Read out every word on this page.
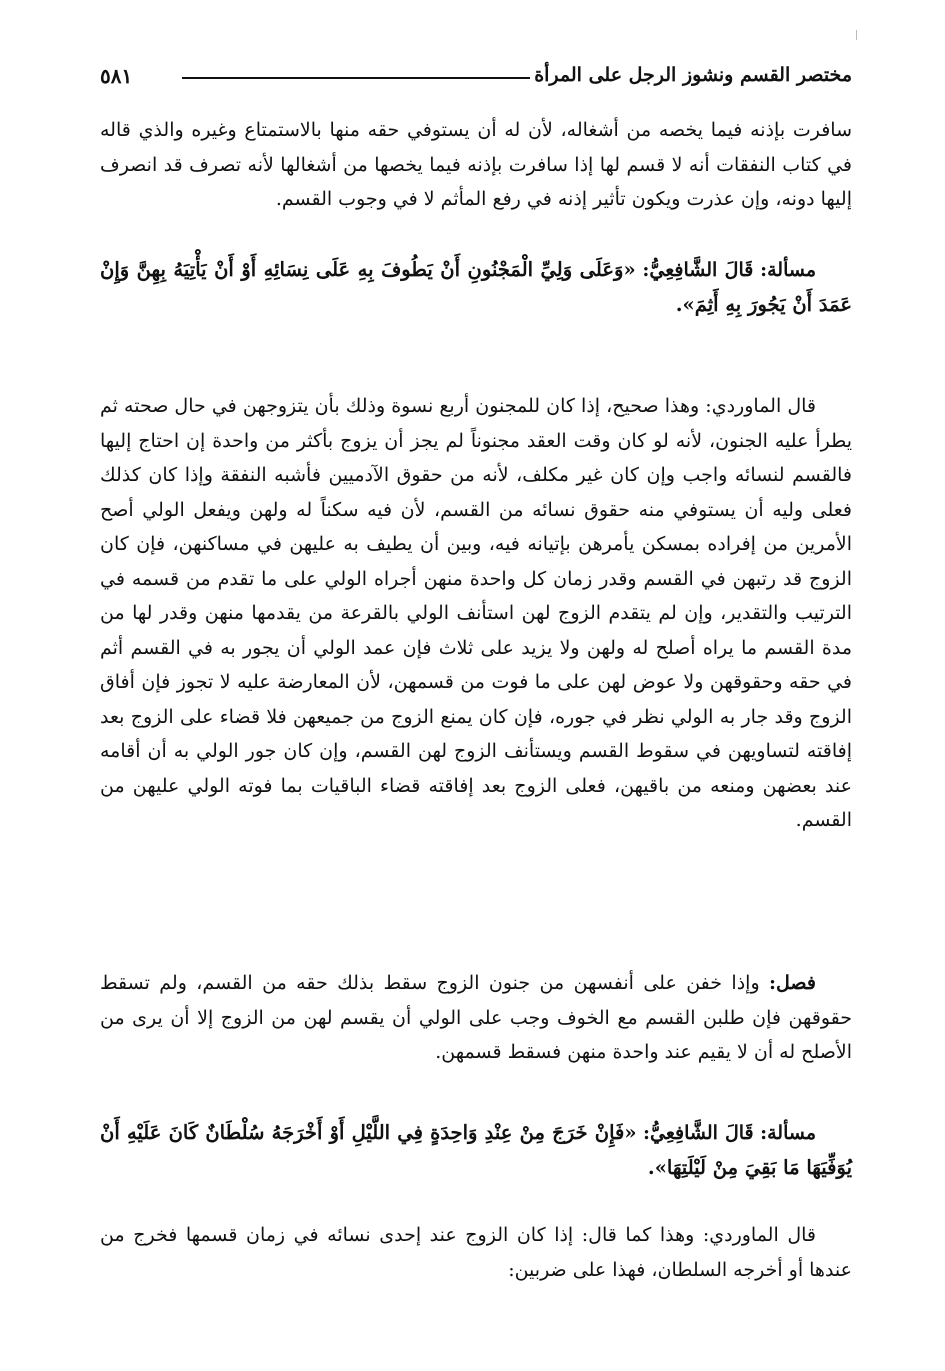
مختصر القسم ونشوز الرجل على المرأة
٥٨١

سافرت بإذنه فيما يخصه من أشغاله، لأن له أن يستوفي حقه منها بالاستمتاع وغيره والذي قاله في كتاب النفقات أنه لا قسم لها إذا سافرت بإذنه فيما يخصها من أشغالها لأنه تصرف قد انصرف إليها دونه، وإن عذرت ويكون تأثير إذنه في رفع المأثم لا في وجوب القسم.

مسألة: قَالَ الشَّافِعِيُّ: «وَعَلَى وَلِيِّ الْمَجْنُونِ أَنْ يَطُوفَ بِهِ عَلَى نِسَائِهِ أَوْ أَنْ يَأْتِيَهُ بِهِنَّ وَإِنْ عَمَدَ أَنْ يَجُورَ بِهِ أَثِمَ».

قال الماوردي: وهذا صحيح، إذا كان للمجنون أربع نسوة وذلك بأن يتزوجهن في حال صحته ثم يطرأ عليه الجنون، لأنه لو كان وقت العقد مجنوناً لم يجز أن يزوج بأكثر من واحدة إن احتاج إليها فالقسم لنسائه واجب وإن كان غير مكلف، لأنه من حقوق الآدميين فأشبه النفقة وإذا كان كذلك فعلى وليه أن يستوفي منه حقوق نسائه من القسم، لأن فيه سكناً له ولهن ويفعل الولي أصح الأمرين من إفراده بمسكن يأمرهن بإتيانه فيه، وبين أن يطيف به عليهن في مساكنهن، فإن كان الزوج قد رتبهن في القسم وقدر زمان كل واحدة منهن أجراه الولي على ما تقدم من قسمه في الترتيب والتقدير، وإن لم يتقدم الزوج لهن استأنف الولي بالقرعة من يقدمها منهن وقدر لها من مدة القسم ما يراه أصلح له ولهن ولا يزيد على ثلاث فإن عمد الولي أن يجور به في القسم أثم في حقه وحقوقهن ولا عوض لهن على ما فوت من قسمهن، لأن المعارضة عليه لا تجوز فإن أفاق الزوج وقد جار به الولي نظر في جوره، فإن كان يمنع الزوج من جميعهن فلا قضاء على الزوج بعد إفاقته لتساويهن في سقوط القسم ويستأنف الزوج لهن القسم، وإن كان جور الولي به أن أقامه عند بعضهن ومنعه من باقيهن، فعلى الزوج بعد إفاقته قضاء الباقيات بما فوته الولي عليهن من القسم.

فصل: وإذا خفن على أنفسهن من جنون الزوج سقط بذلك حقه من القسم، ولم تسقط حقوقهن فإن طلبن القسم مع الخوف وجب على الولي أن يقسم لهن من الزوج إلا أن يرى من الأصلح له أن لا يقيم عند واحدة منهن فسقط قسمهن.

مسألة: قَالَ الشَّافِعِيُّ: «فَإِنْ خَرَجَ مِنْ عِنْدِ وَاحِدَةٍ فِي اللَّيْلِ أَوْ أَخْرَجَهُ سُلْطَانٌ كَانَ عَلَيْهِ أَنْ يُوَفِّيَهَا مَا بَقِيَ مِنْ لَيْلَتِهَا».

قال الماوردي: وهذا كما قال: إذا كان الزوج عند إحدى نسائه في زمان قسمها فخرج من عندها أو أخرجه السلطان، فهذا على ضربين:
